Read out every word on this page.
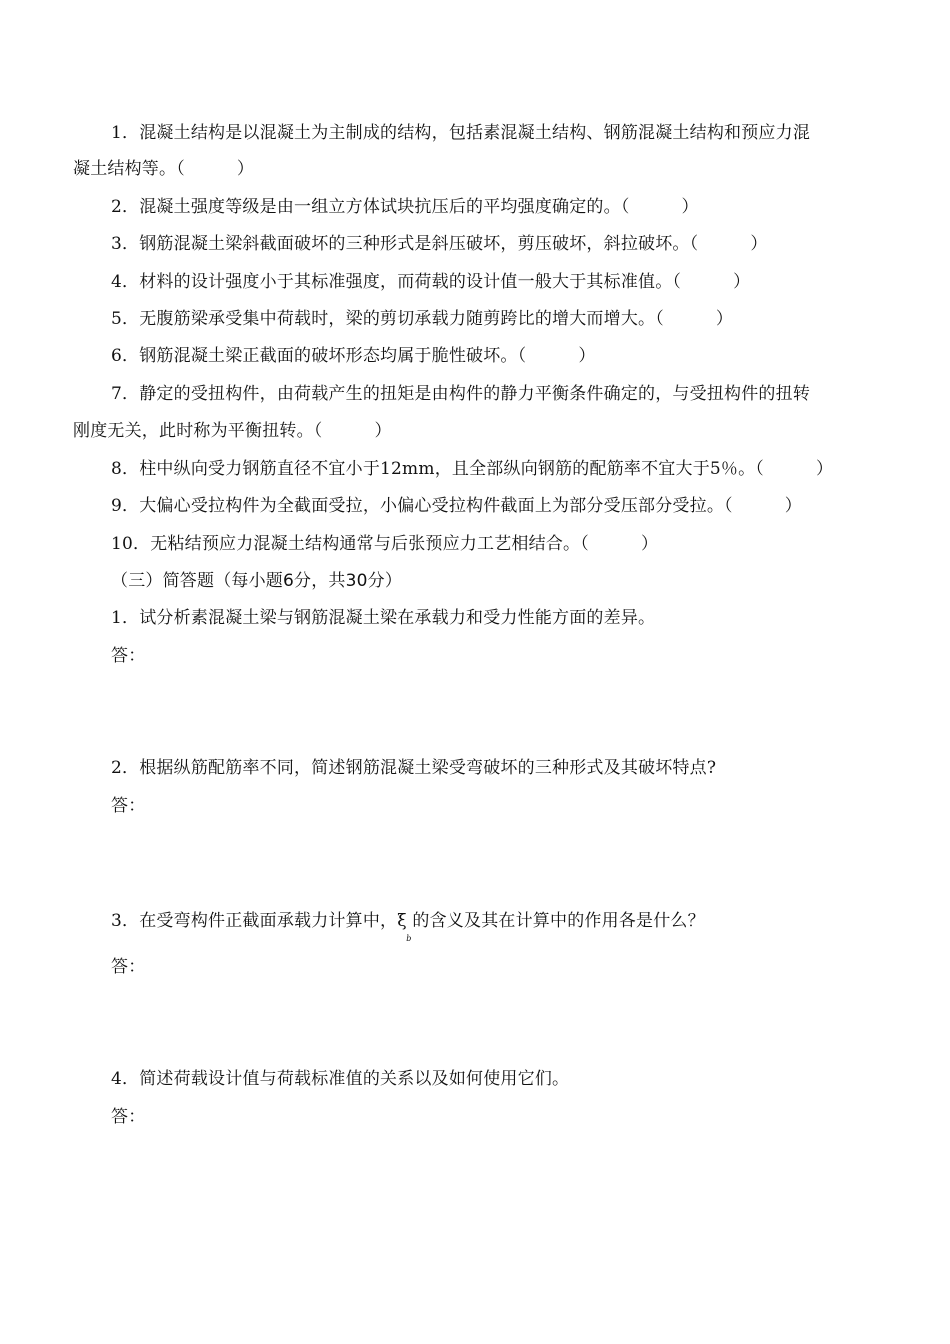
1．混凝土结构是以混凝土为主制成的结构，包括素混凝土结构、钢筋混凝土结构和预应力混
凝土结构等。（	）
2．混凝土强度等级是由一组立方体试块抗压后的平均强度确定的。（	）
3．钢筋混凝土梁斜截面破坏的三种形式是斜压破坏，剪压破坏，斜拉破坏。（	）
4．材料的设计强度小于其标准强度，而荷载的设计值一般大于其标准值。（	）
5．无腹筋梁承受集中荷载时，梁的剪切承载力随剪跨比的增大而增大。（	）
6．钢筋混凝土梁正截面的破坏形态均属于脆性破坏。（	）
7．静定的受扭构件，由荷载产生的扭矩是由构件的静力平衡条件确定的，与受扭构件的扭转
刚度无关，此时称为平衡扭转。（	）
8．柱中纵向受力钢筋直径不宜小于12mm，且全部纵向钢筋的配筋率不宜大于5％。（	）
9．大偏心受拉构件为全截面受拉，小偏心受拉构件截面上为部分受压部分受拉。（	）
10．无粘结预应力混凝土结构通常与后张预应力工艺相结合。（	）
（三）简答题（每小题6分，共30分）
1．试分析素混凝土梁与钢筋混凝土梁在承载力和受力性能方面的差异。
答：
2．根据纵筋配筋率不同，简述钢筋混凝土梁受弯破坏的三种形式及其破坏特点?
答：
3．在受弯构件正截面承载力计算中，ξ
b
的含义及其在计算中的作用各是什么？
答：
4．简述荷载设计值与荷载标准值的关系以及如何使用它们。
答：
